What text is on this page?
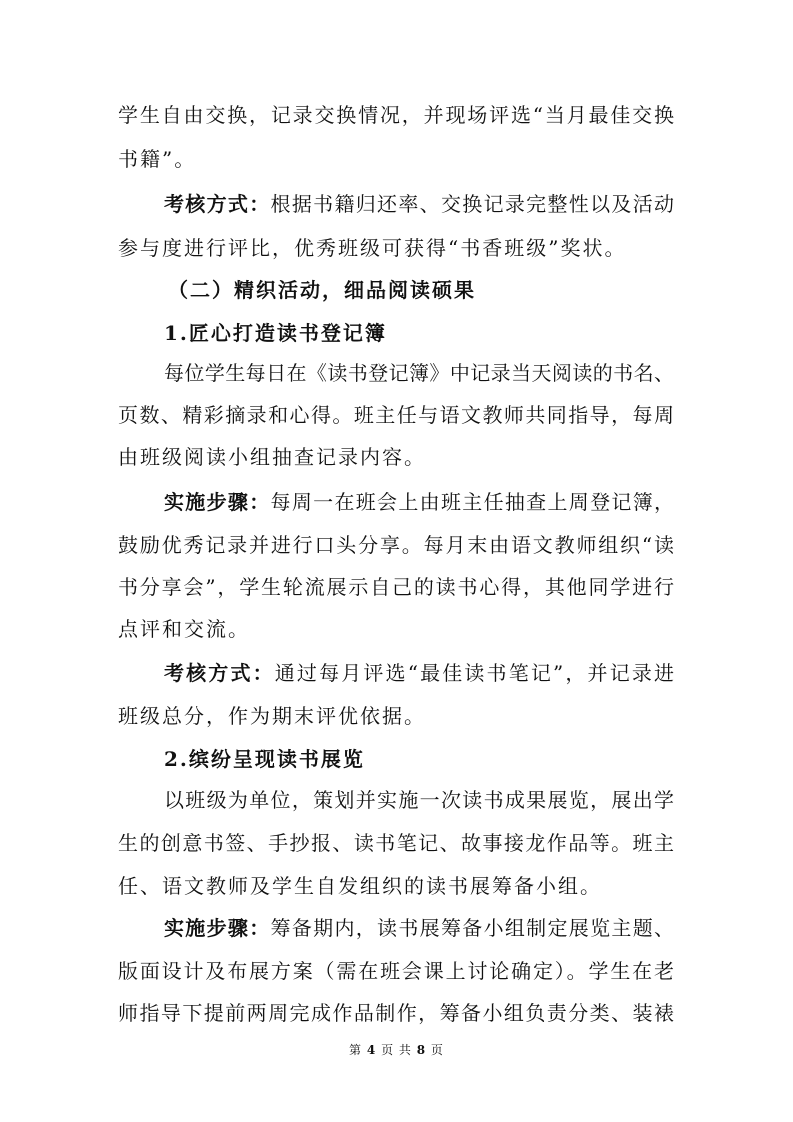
学生自由交换，记录交换情况，并现场评选“当月最佳交换
书籍”。
考核方式：根据书籍归还率、交换记录完整性以及活动
参与度进行评比，优秀班级可获得“书香班级”奖状。
（二）精织活动，细品阅读硕果
1.匠心打造读书登记簿
每位学生每日在《读书登记簿》中记录当天阅读的书名、
页数、精彩摘录和心得。班主任与语文教师共同指导，每周
由班级阅读小组抽查记录内容。
实施步骤：每周一在班会上由班主任抽查上周登记簿，
鼓励优秀记录并进行口头分享。每月末由语文教师组织“读
书分享会”，学生轮流展示自己的读书心得，其他同学进行
点评和交流。
考核方式：通过每月评选“最佳读书笔记”，并记录进
班级总分，作为期末评优依据。
2.缤纷呈现读书展览
以班级为单位，策划并实施一次读书成果展览，展出学
生的创意书签、手抄报、读书笔记、故事接龙作品等。班主
任、语文教师及学生自发组织的读书展筹备小组。
实施步骤：筹备期内，读书展筹备小组制定展览主题、
版面设计及布展方案（需在班会课上讨论确定）。学生在老
师指导下提前两周完成作品制作，筹备小组负责分类、装裱
第 4 页 共 8 页
